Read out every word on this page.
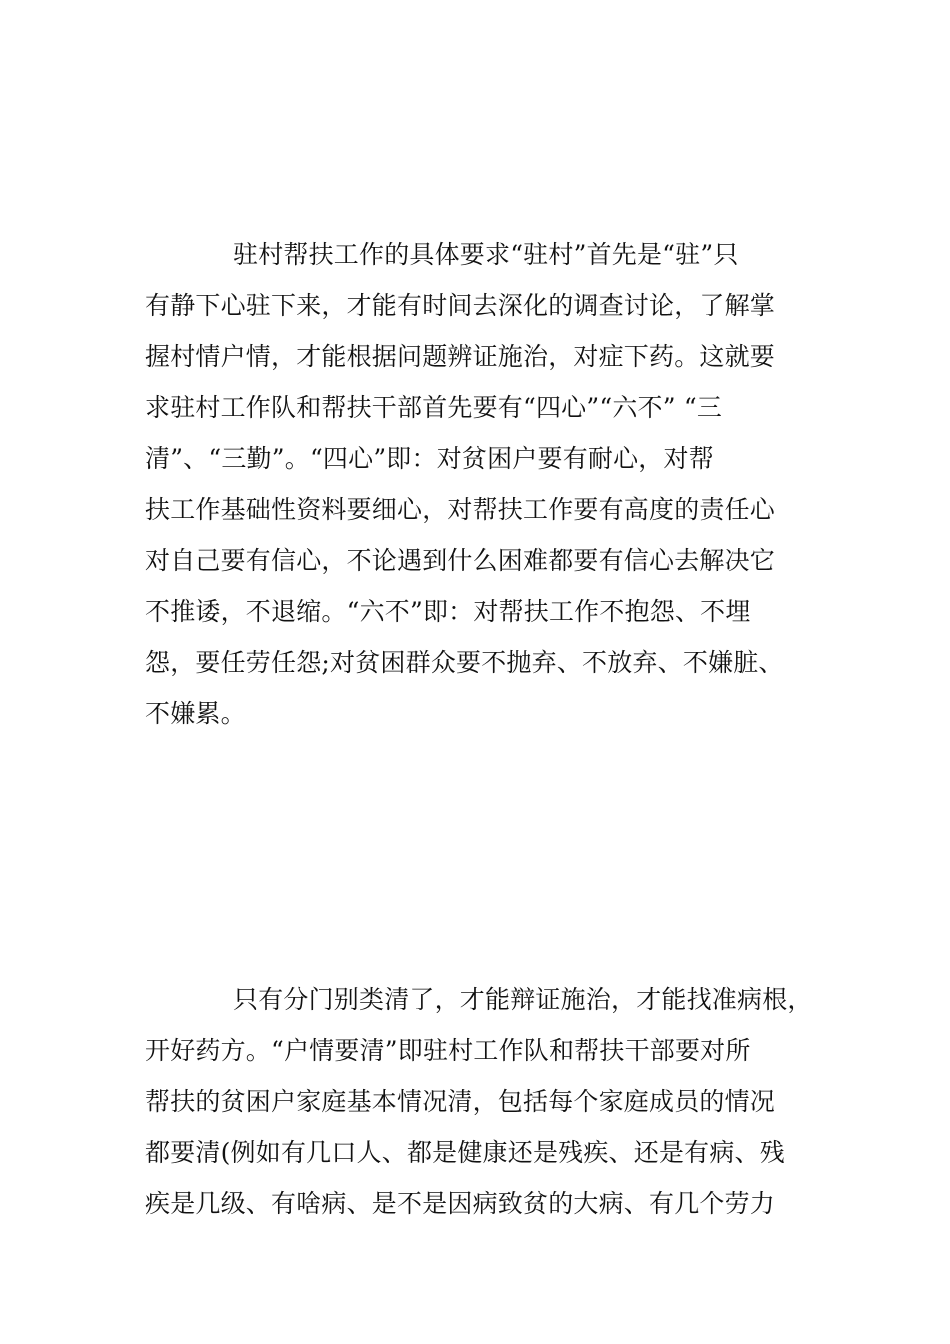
驻村帮扶工作的具体要求“驻村”首先是“驻”只
有静下心驻下来，才能有时间去深化的调查讨论，了解掌
握村情户情，才能根据问题辨证施治，对症下药。这就要
求驻村工作队和帮扶干部首先要有“四心”“六不” “三
清”、“三勤”。“四心”即：对贫困户要有耐心，对帮
扶工作基础性资料要细心，对帮扶工作要有高度的责任心
对自己要有信心，不论遇到什么困难都要有信心去解决它
不推诿，不退缩。“六不”即：对帮扶工作不抱怨、不埋
怨，要任劳任怨;对贫困群众要不抛弃、不放弃、不嫌脏、
不嫌累。
只有分门别类清了，才能辩证施治，才能找准病根，
开好药方。“户情要清”即驻村工作队和帮扶干部要对所
帮扶的贫困户家庭基本情况清，包括每个家庭成员的情况
都要清(例如有几口人、都是健康还是残疾、还是有病、残
疾是几级、有啥病、是不是因病致贫的大病、有几个劳力
